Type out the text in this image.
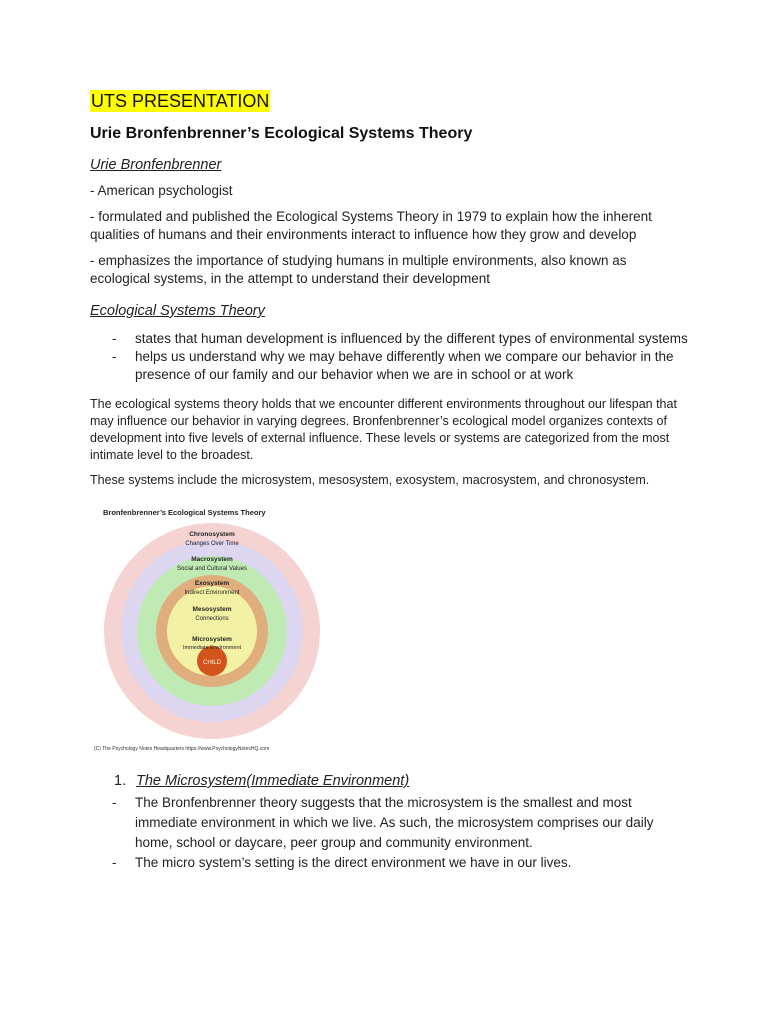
UTS PRESENTATION
Urie Bronfenbrenner’s Ecological Systems Theory
Urie Bronfenbrenner

- American psychologist

- formulated and published the Ecological Systems Theory in 1979 to explain how the inherent qualities of humans and their environments interact to influence how they grow and develop

- emphasizes the importance of studying humans in multiple environments, also known as ecological systems, in the attempt to understand their development

Ecological Systems Theory
- states that human development is influenced by the different types of environmental systems
- helps us understand why we may behave differently when we compare our behavior in the presence of our family and our behavior when we are in school or at work

The ecological systems theory holds that we encounter different environments throughout our lifespan that may influence our behavior in varying degrees. Bronfenbrenner’s ecological model organizes contexts of development into five levels of external influence. These levels or systems are categorized from the most intimate level to the broadest.

These systems include the microsystem, mesosystem, exosystem, macrosystem, and chronosystem.

Bronfenbrenner’s Ecological Systems Theory
Chronosystem
Changes Over Time
Macrosystem
Social and Cultural Values
Exosystem
Indirect Environment
Mesosystem
Connections
Microsystem
Immediate Environment
CHILD
(C) The Psychology Notes Headquarters https://www.PsychologyNotesHQ.com
1. The Microsystem(Immediate Environment)
- The Bronfenbrenner theory suggests that the microsystem is the smallest and most immediate environment in which we live. As such, the microsystem comprises our daily home, school or daycare, peer group and community environment.
- The micro system’s setting is the direct environment we have in our lives.
